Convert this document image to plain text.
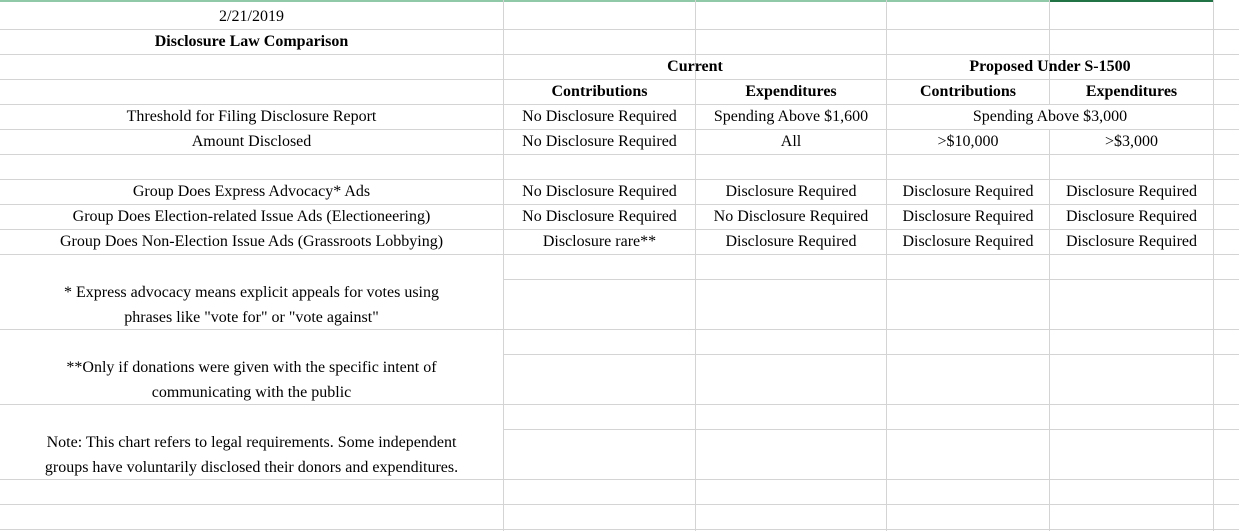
2/21/2019
Disclosure Law Comparison
Current	Proposed Under S-1500
Contributions	Expenditures	Contributions	Expenditures
Threshold for Filing Disclosure Report	No Disclosure Required	Spending Above $1,600	Spending Above $3,000
Amount Disclosed	No Disclosure Required	All	>$10,000	>$3,000
Group Does Express Advocacy* Ads	No Disclosure Required	Disclosure Required	Disclosure Required	Disclosure Required
Group Does Election-related Issue Ads (Electioneering)	No Disclosure Required	No Disclosure Required	Disclosure Required	Disclosure Required
Group Does Non-Election Issue Ads (Grassroots Lobbying)	Disclosure rare**	Disclosure Required	Disclosure Required	Disclosure Required
* Express advocacy means explicit appeals for votes using
phrases like "vote for" or "vote against"
**Only if donations were given with the specific intent of
communicating with the public
Note: This chart refers to legal requirements. Some independent
groups have voluntarily disclosed their donors and expenditures.
